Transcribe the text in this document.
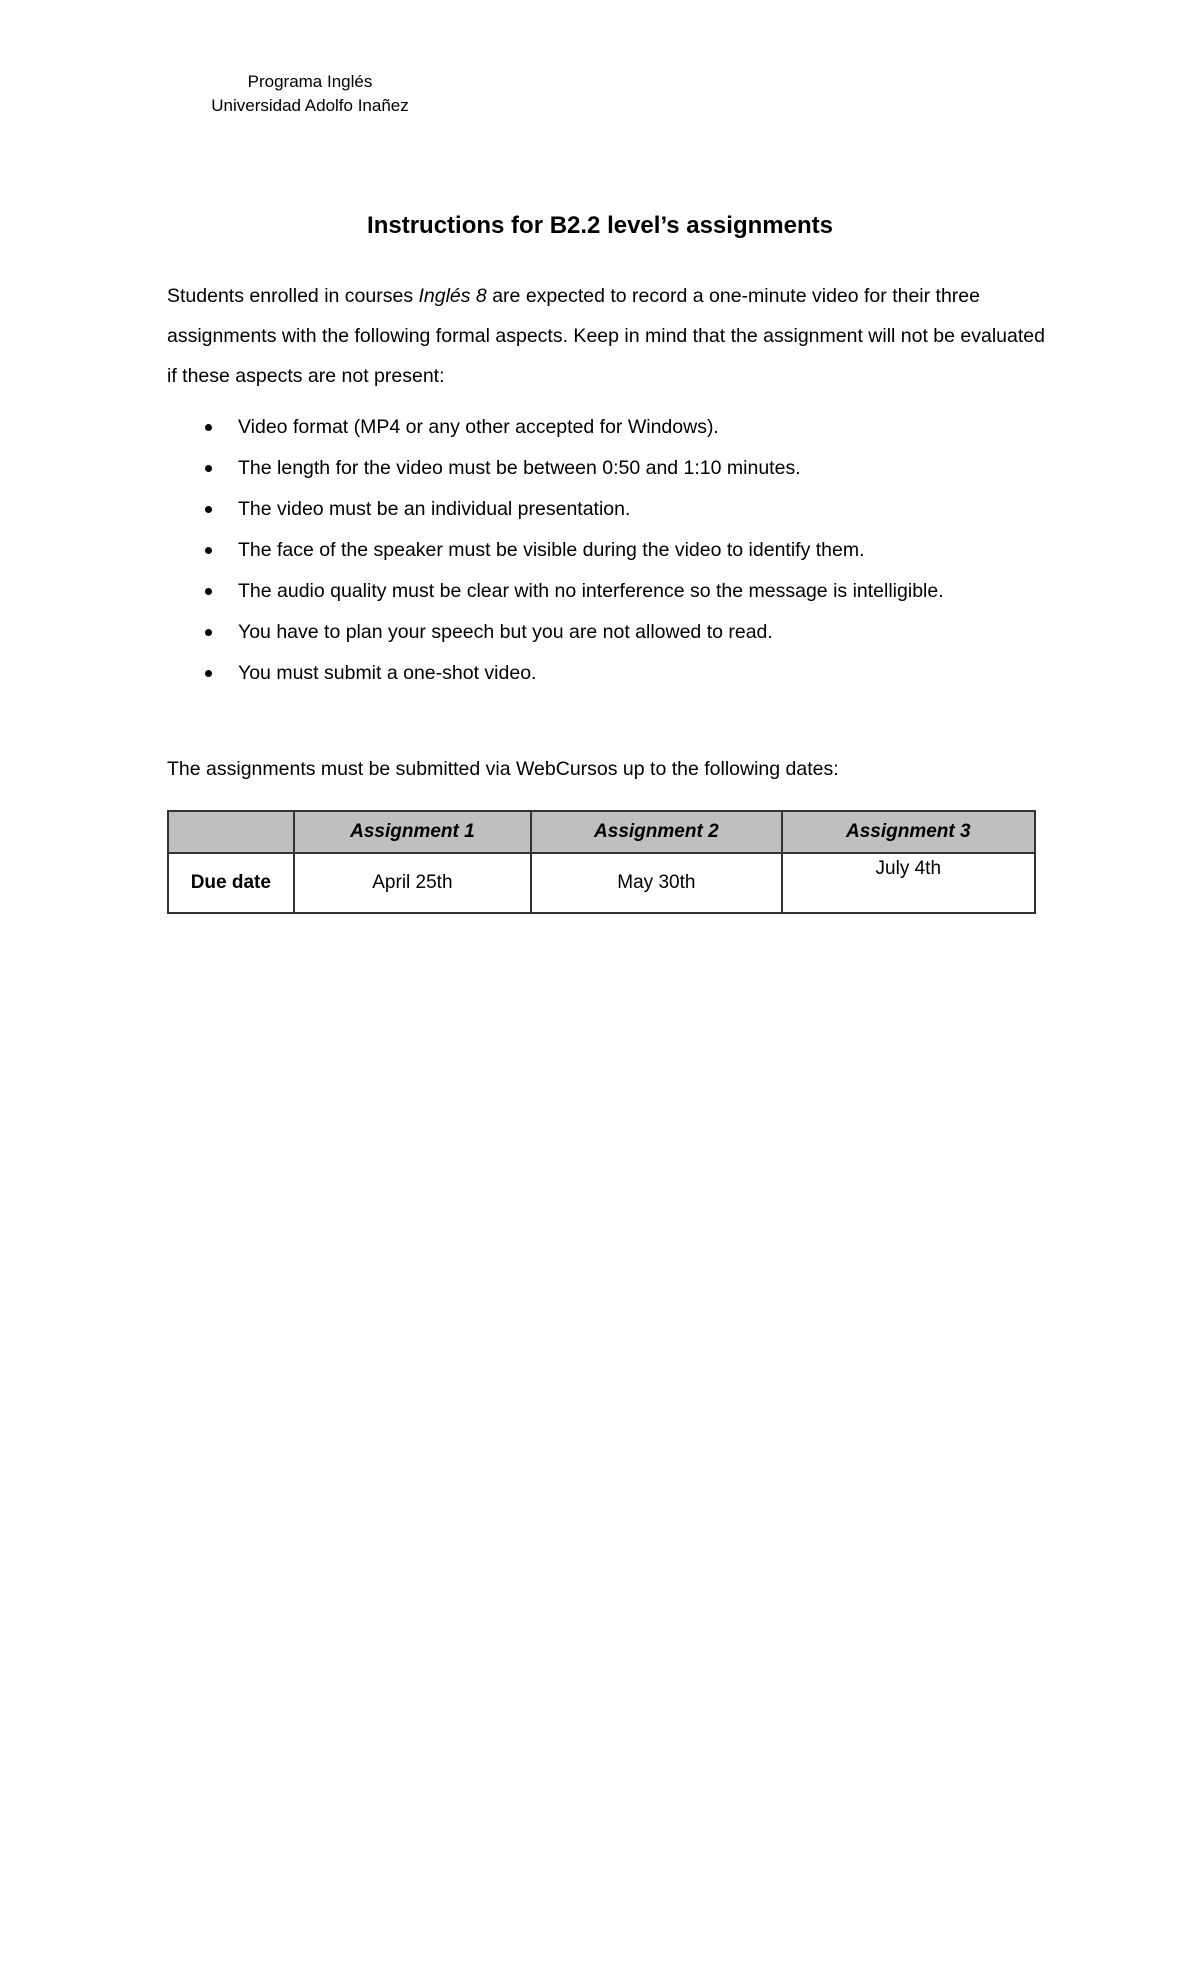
Programa Inglés
Universidad Adolfo Inañez
Instructions for B2.2 level’s assignments
Students enrolled in courses Inglés 8 are expected to record a one-minute video for their three assignments with the following formal aspects. Keep in mind that the assignment will not be evaluated if these aspects are not present:
Video format (MP4 or any other accepted for Windows).
The length for the video must be between 0:50 and 1:10 minutes.
The video must be an individual presentation.
The face of the speaker must be visible during the video to identify them.
The audio quality must be clear with no interference so the message is intelligible.
You have to plan your speech but you are not allowed to read.
You must submit a one-shot video.
The assignments must be submitted via WebCursos up to the following dates:
	Assignment 1	Assignment 2	Assignment 3
Due date	April 25th	May 30th	July 4th
